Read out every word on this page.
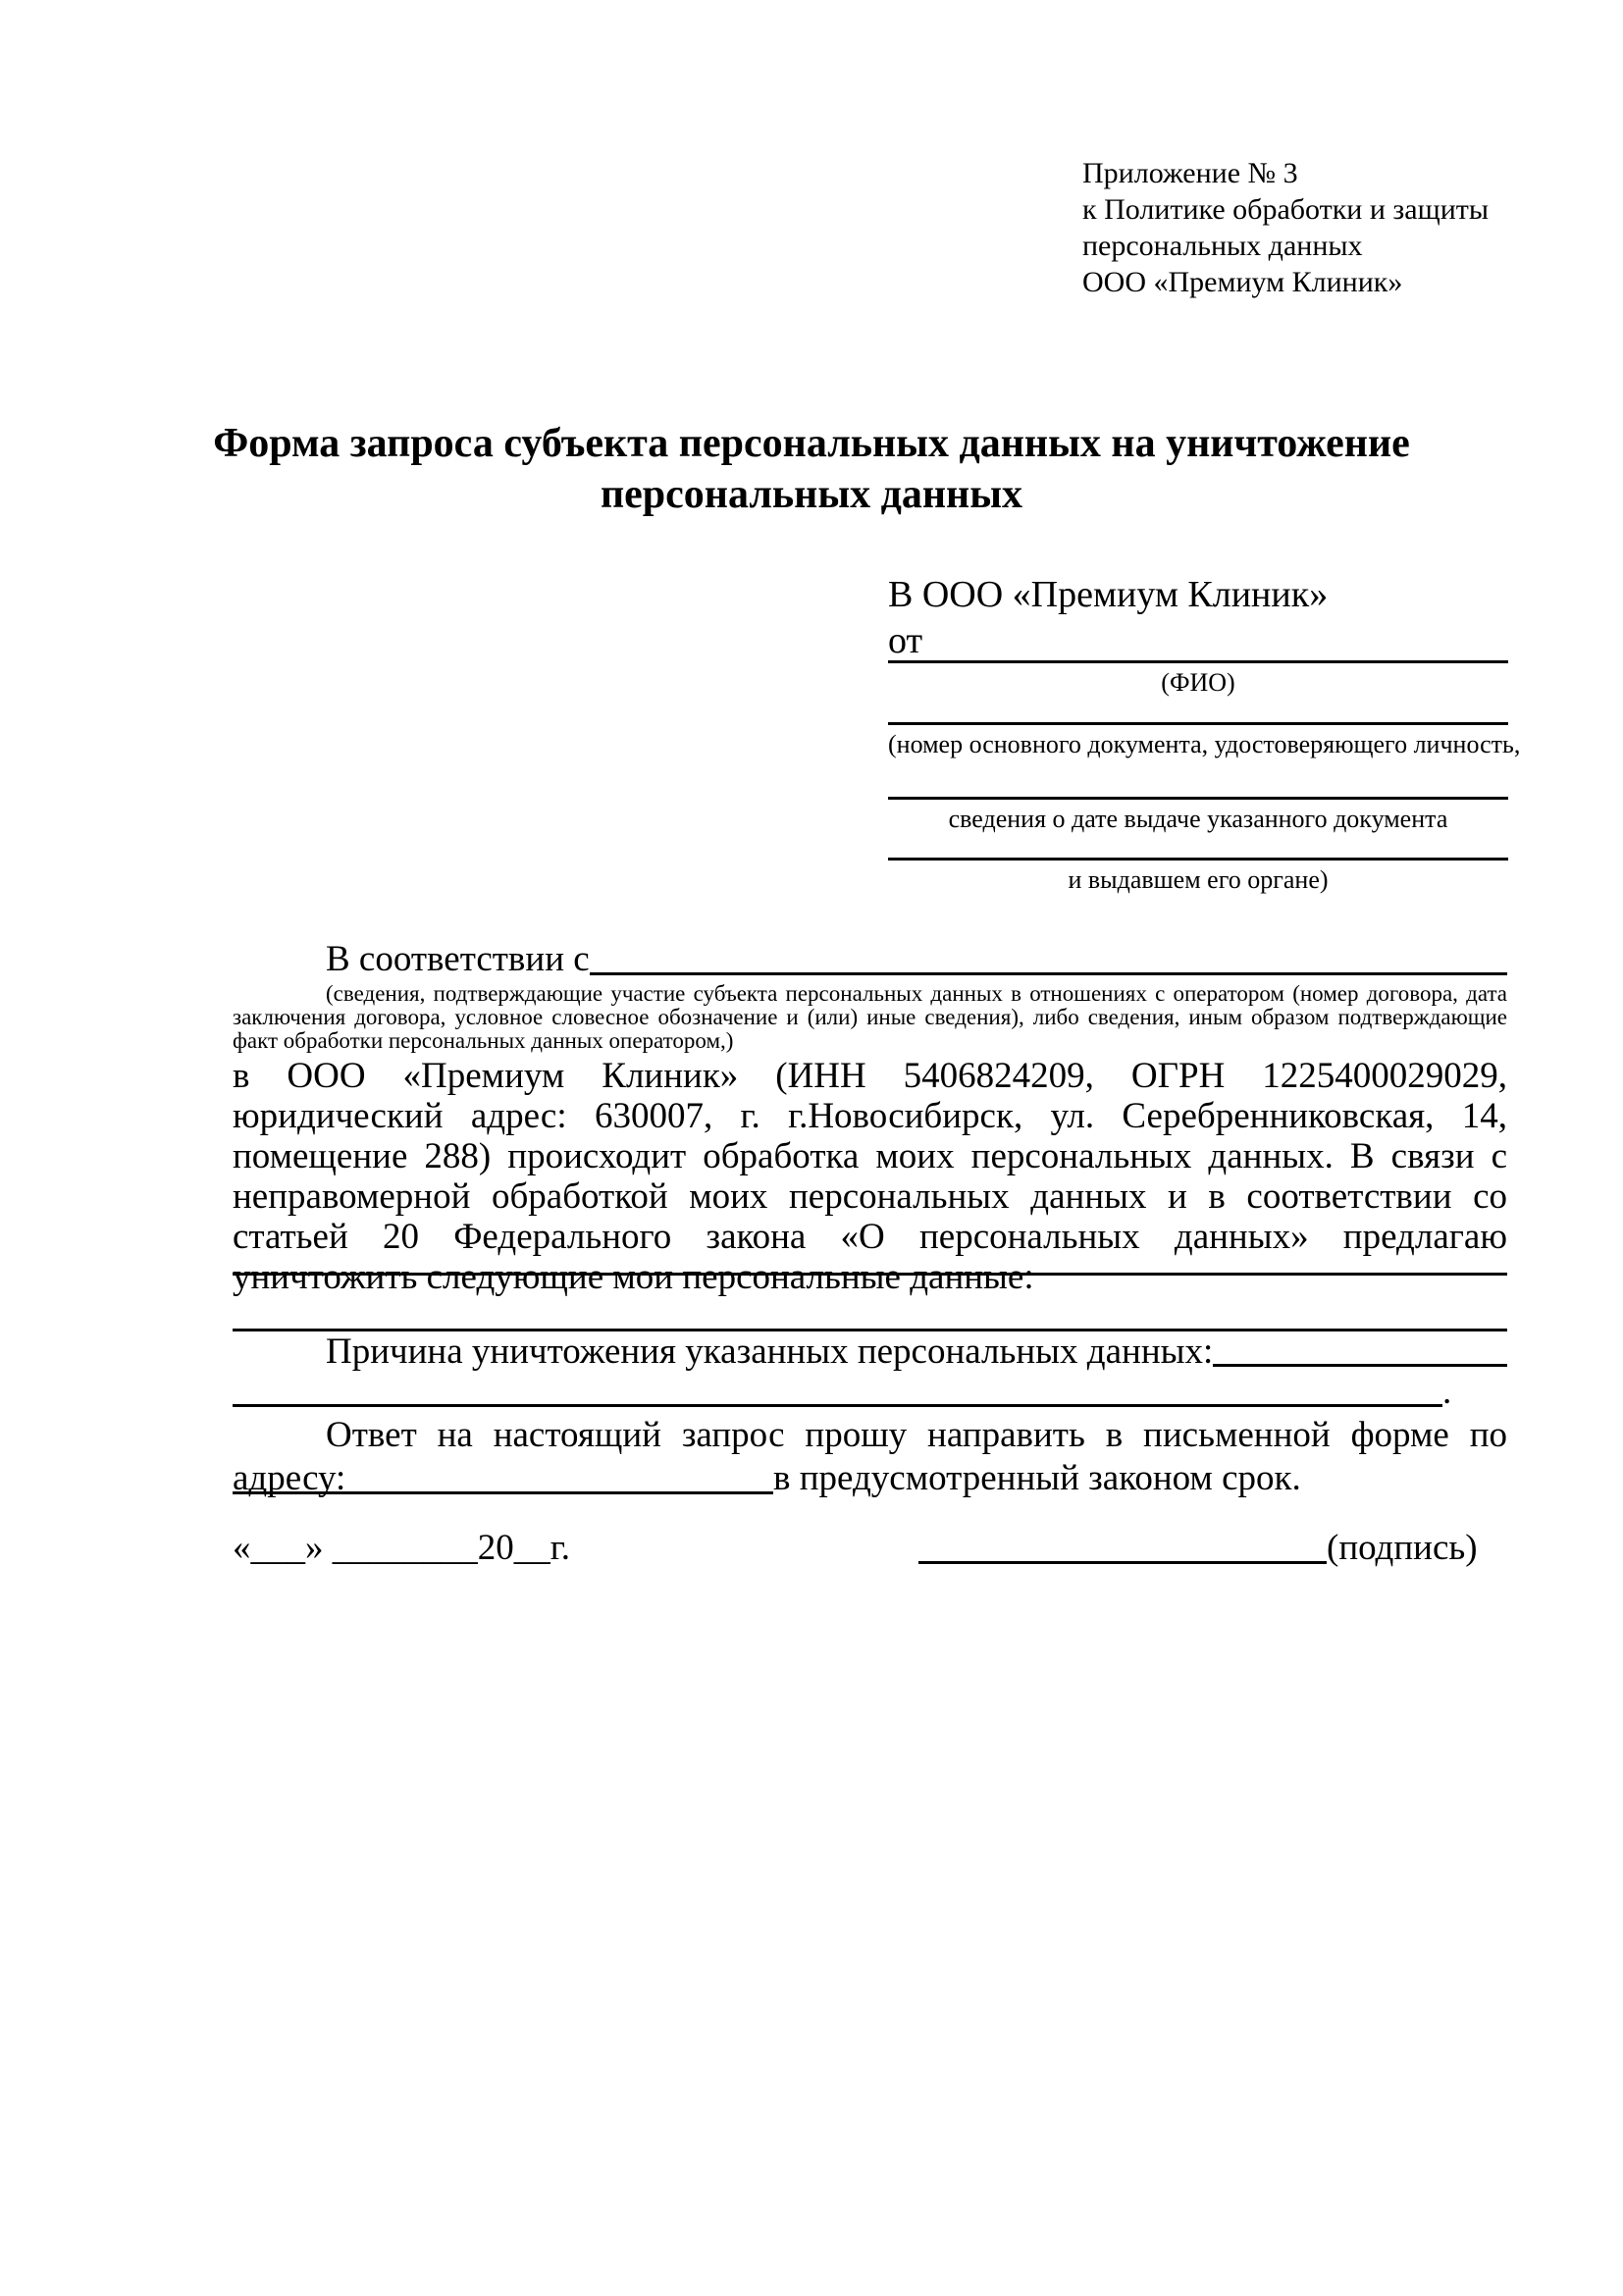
Приложение № 3
к Политике обработки и защиты
персональных данных
ООО «Премиум Клиник»
Форма запроса субъекта персональных данных на уничтожение персональных данных
В ООО «Премиум Клиник»
от
(ФИО)
(номер основного документа, удостоверяющего личность,
сведения о дате выдаче указанного документа
и выдавшем его органе)
В соответствии с
(сведения, подтверждающие участие субъекта персональных данных в отношениях с оператором (номер договора, дата заключения договора, условное словесное обозначение и (или) иные сведения), либо сведения, иным образом подтверждающие факт обработки персональных данных оператором,)
в ООО «Премиум Клиник» (ИНН 5406824209, ОГРН 1225400029029, юридический адрес: 630007, г. г.Новосибирск, ул. Серебренниковская, 14, помещение 288) происходит обработка моих персональных данных. В связи с неправомерной обработкой моих персональных данных и в соответствии со статьей 20 Федерального закона «О персональных данных» предлагаю уничтожить следующие мои персональные данные:
Причина уничтожения указанных персональных данных:
.
Ответ на настоящий запрос прошу направить в письменной форме по адресу:	в предусмотренный законом срок.
«___» ________20__г.	(подпись)
